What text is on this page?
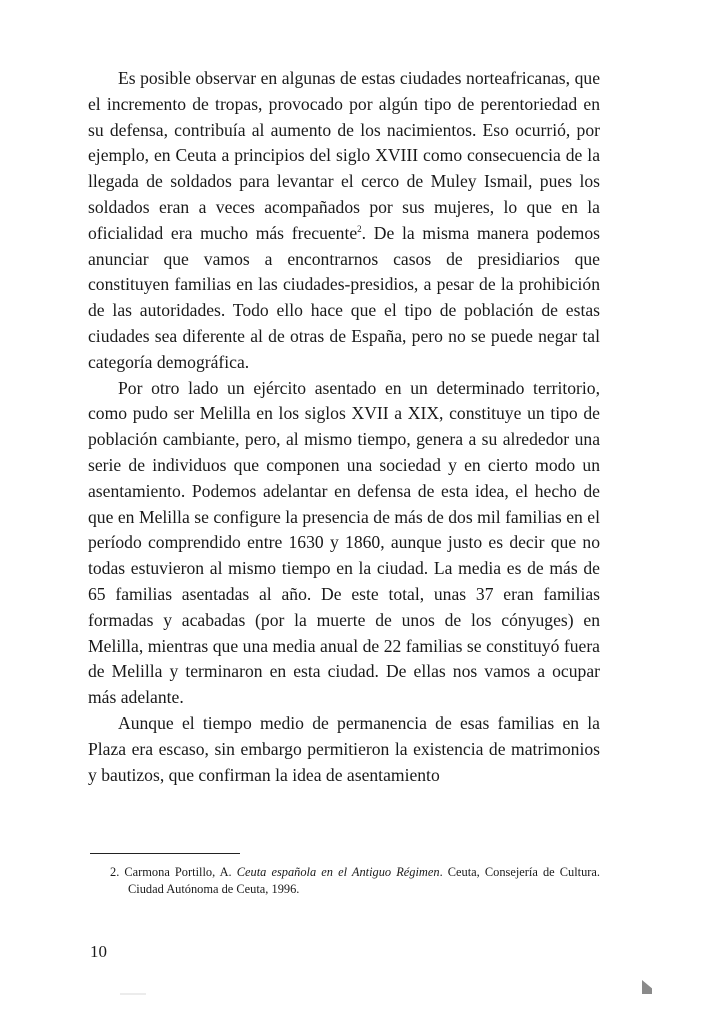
Es posible observar en algunas de estas ciudades norteafricanas, que el incremento de tropas, provocado por algún tipo de perentoriedad en su defensa, contribuía al aumento de los nacimientos. Eso ocurrió, por ejemplo, en Ceuta a principios del siglo XVIII como consecuencia de la llegada de soldados para levantar el cerco de Muley Ismail, pues los soldados eran a veces acompañados por sus mujeres, lo que en la oficialidad era mucho más frecuente$^2$. De la misma manera podemos anunciar que vamos a encontrarnos casos de presidiarios que constituyen familias en las ciudades-presidios, a pesar de la prohibición de las autoridades. Todo ello hace que el tipo de población de estas ciudades sea diferente al de otras de España, pero no se puede negar tal categoría demográfica.

Por otro lado un ejército asentado en un determinado territorio, como pudo ser Melilla en los siglos XVII a XIX, constituye un tipo de población cambiante, pero, al mismo tiempo, genera a su alrededor una serie de individuos que componen una sociedad y en cierto modo un asentamiento. Podemos adelantar en defensa de esta idea, el hecho de que en Melilla se configure la presencia de más de dos mil familias en el período comprendido entre 1630 y 1860, aunque justo es decir que no todas estuvieron al mismo tiempo en la ciudad. La media es de más de 65 familias asentadas al año. De este total, unas 37 eran familias formadas y acabadas (por la muerte de unos de los cónyuges) en Melilla, mientras que una media anual de 22 familias se constituyó fuera de Melilla y terminaron en esta ciudad. De ellas nos vamos a ocupar más adelante.

Aunque el tiempo medio de permanencia de esas familias en la Plaza era escaso, sin embargo permitieron la existencia de matrimonios y bautizos, que confirman la idea de asentamiento

2. Carmona Portillo, A. Ceuta española en el Antiguo Régimen. Ceuta, Consejería de Cultura. Ciudad Autónoma de Ceuta, 1996.
10
